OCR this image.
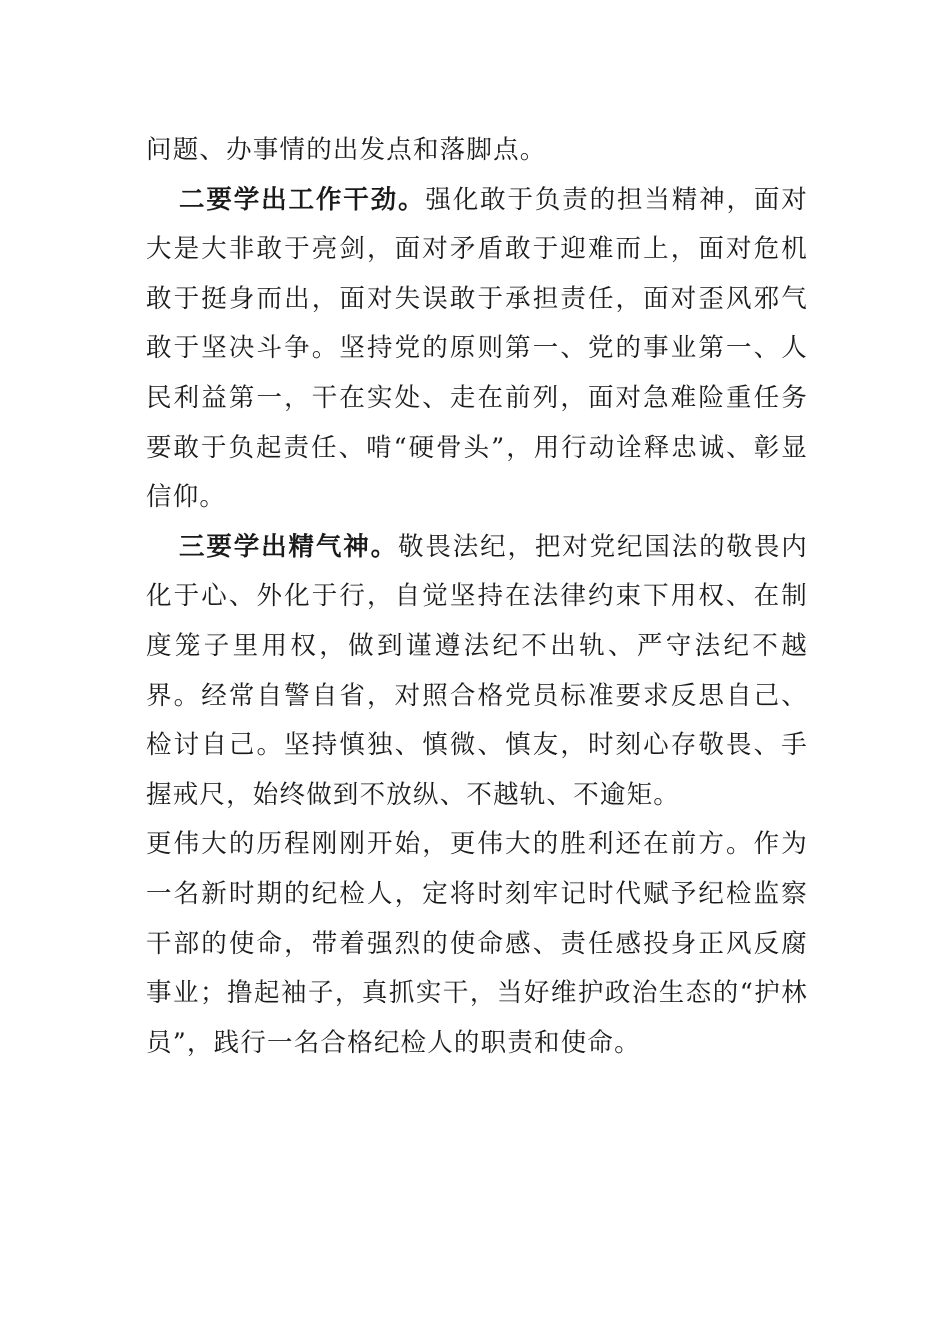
问题、办事情的出发点和落脚点。

二要学出工作干劲。强化敢于负责的担当精神，面对大是大非敢于亮剑，面对矛盾敢于迎难而上，面对危机敢于挺身而出，面对失误敢于承担责任，面对歪风邪气敢于坚决斗争。坚持党的原则第一、党的事业第一、人民利益第一，干在实处、走在前列，面对急难险重任务要敢于负起责任、啃“硬骨头”，用行动诠释忠诚、彰显信仰。

三要学出精气神。敬畏法纪，把对党纪国法的敬畏内化于心、外化于行，自觉坚持在法律约束下用权、在制度笼子里用权，做到谨遵法纪不出轨、严守法纪不越界。经常自警自省，对照合格党员标准要求反思自己、检讨自己。坚持慎独、慎微、慎友，时刻心存敬畏、手握戒尺，始终做到不放纵、不越轨、不逾矩。

更伟大的历程刚刚开始，更伟大的胜利还在前方。作为一名新时期的纪检人，定将时刻牢记时代赋予纪检监察干部的使命，带着强烈的使命感、责任感投身正风反腐事业；撸起袖子，真抓实干，当好维护政治生态的“护林员”，践行一名合格纪检人的职责和使命。
